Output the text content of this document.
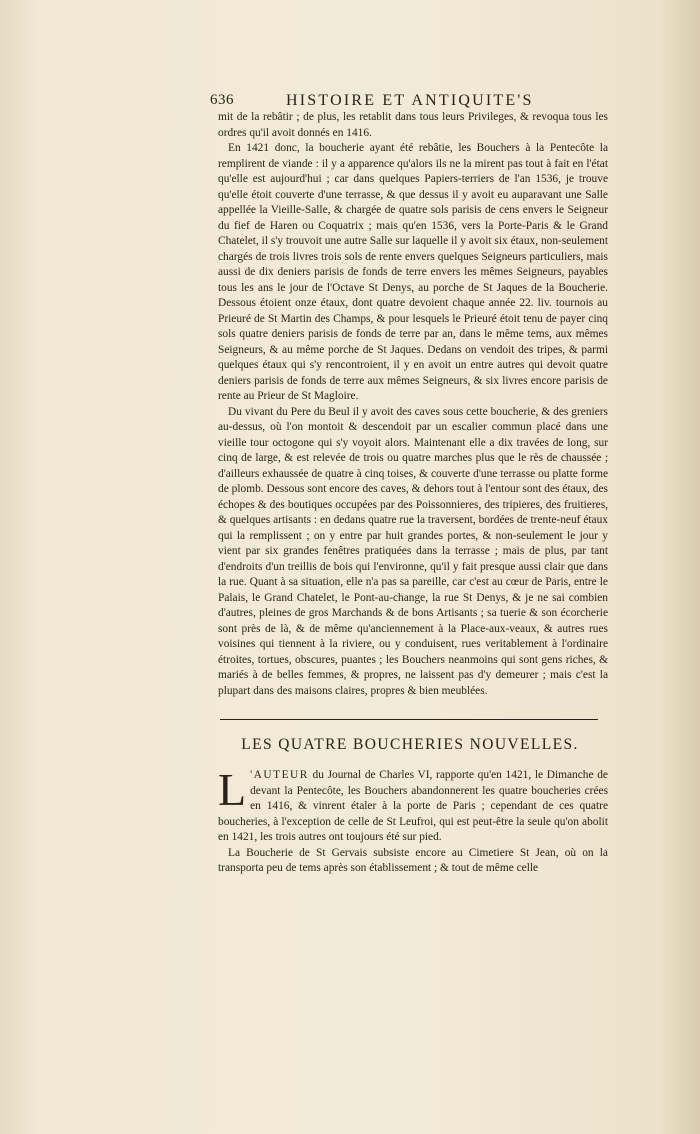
636	HISTOIRE ET ANTIQUITE'S

mit de la rebâtir ; de plus, les retablit dans tous leurs Privileges, & revoqua tous les ordres qu'il avoit donnés en 1416.

En 1421 donc, la boucherie ayant été rebâtie, les Bouchers à la Pentecôte la remplirent de viande : il y a apparence qu'alors ils ne la mirent pas tout à fait en l'état qu'elle est aujourd'hui ; car dans quelques Papiers-terriers de l'an 1536, je trouve qu'elle étoit couverte d'une terrasse, & que dessus il y avoit eu auparavant une Salle appellée la Vieille-Salle, & chargée de quatre sols parisis de cens envers le Seigneur du fief de Haren ou Coquatrix ; mais qu'en 1536, vers la Porte-Paris & le Grand Chatelet, il s'y trouvoit une autre Salle sur laquelle il y avoit six étaux, non-seulement chargés de trois livres trois sols de rente envers quelques Seigneurs particuliers, mais aussi de dix deniers parisis de fonds de terre envers les mêmes Seigneurs, payables tous les ans le jour de l'Octave St Denys, au porche de St Jaques de la Boucherie. Dessous étoient onze étaux, dont quatre devoient chaque année 22. liv. tournois au Prieuré de St Martin des Champs, & pour lesquels le Prieuré étoit tenu de payer cinq sols quatre deniers parisis de fonds de terre par an, dans le même tems, aux mêmes Seigneurs, & au même porche de St Jaques. Dedans on vendoit des tripes, & parmi quelques étaux qui s'y rencontroient, il y en avoit un entre autres qui devoit quatre deniers parisis de fonds de terre aux mêmes Seigneurs, & six livres encore parisis de rente au Prieur de St Magloire.

Du vivant du Pere du Beul il y avoit des caves sous cette boucherie, & des greniers au-dessus, où l'on montoit & descendoit par un escalier commun placé dans une vieille tour octogone qui s'y voyoit alors. Maintenant elle a dix travées de long, sur cinq de large, & est relevée de trois ou quatre marches plus que le rès de chaussée ; d'ailleurs exhaussée de quatre à cinq toises, & couverte d'une terrasse ou platte forme de plomb. Dessous sont encore des caves, & dehors tout à l'entour sont des étaux, des échopes & des boutiques occupées par des Poissonnieres, des tripieres, des fruitieres, & quelques artisants : en dedans quatre rue la traversent, bordées de trente-neuf étaux qui la remplissent ; on y entre par huit grandes portes, & non-seulement le jour y vient par six grandes fenêtres pratiquées dans la terrasse ; mais de plus, par tant d'endroits d'un treillis de bois qui l'environne, qu'il y fait presque aussi clair que dans la rue. Quant à sa situation, elle n'a pas sa pareille, car c'est au cœur de Paris, entre le Palais, le Grand Chatelet, le Pont-au-change, la rue St Denys, & je ne sai combien d'autres, pleines de gros Marchands & de bons Artisants ; sa tuerie & son écorcherie sont près de là, & de même qu'anciennement à la Place-aux-veaux, & autres rues voisines qui tiennent à la riviere, ou y conduisent, rues veritablement à l'ordinaire étroites, tortues, obscures, puantes ; les Bouchers neanmoins qui sont gens riches, & mariés à de belles femmes, & propres, ne laissent pas d'y demeurer ; mais c'est la plupart dans des maisons claires, propres & bien meublées.

LES QUATRE BOUCHERIES NOUVELLES.

L 'AUTEUR du Journal de Charles VI, rapporte qu'en 1421, le Dimanche de devant la Pentecôte, les Bouchers abandonnerent les quatre boucheries crées en 1416, & vinrent étaler à la porte de Paris ; cependant de ces quatre boucheries, à l'exception de celle de St Leufroi, qui est peut-être la seule qu'on abolit en 1421, les trois autres ont toujours été sur pied.

La Boucherie de St Gervais subsiste encore au Cimetiere St Jean, où on la transporta peu de tems après son établissement ; & tout de même celle
